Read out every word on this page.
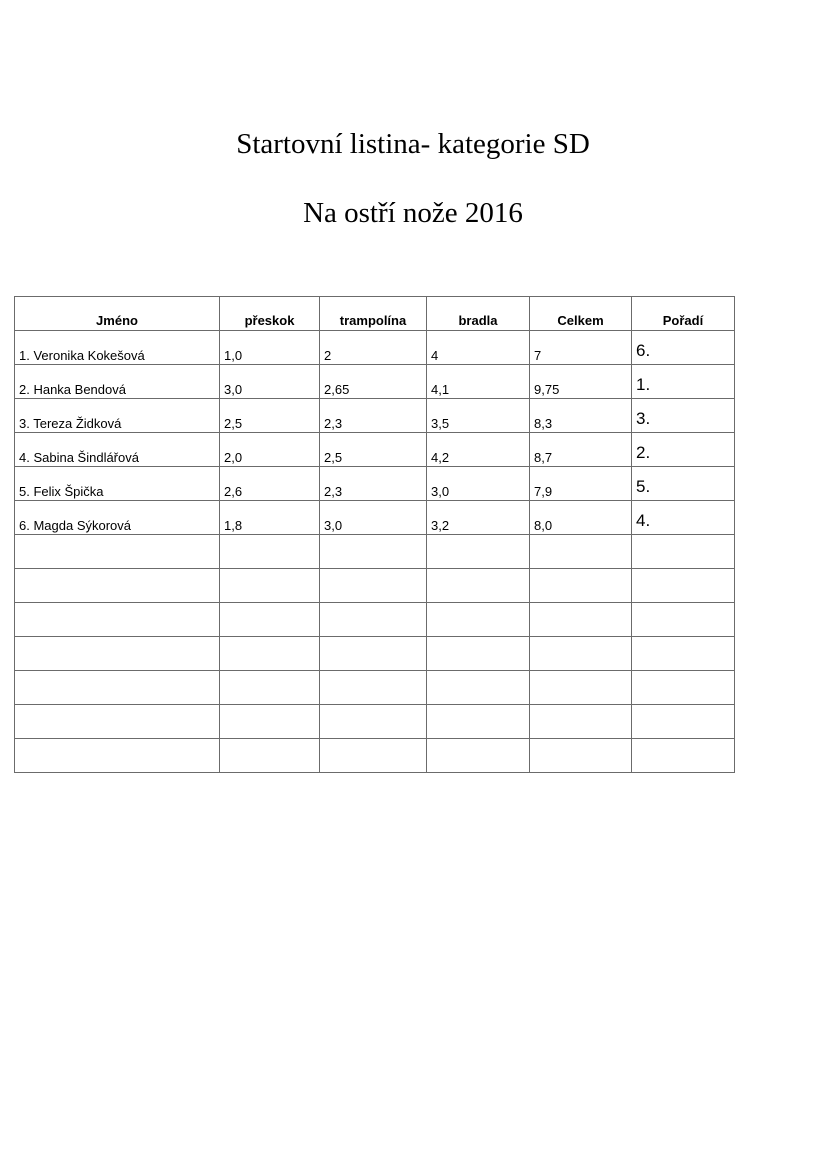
Startovní listina- kategorie SD
Na ostří nože 2016
Jméno	přeskok	trampolína	bradla	Celkem	Pořadí
1. Veronika Kokešová	1,0	2	4	7	6.
2. Hanka Bendová	3,0	2,65	4,1	9,75	1.
3. Tereza Židková	2,5	2,3	3,5	8,3	3.
4. Sabina Šindlářová	2,0	2,5	4,2	8,7	2.
5. Felix Špička	2,6	2,3	3,0	7,9	5.
6. Magda Sýkorová	1,8	3,0	3,2	8,0	4.
